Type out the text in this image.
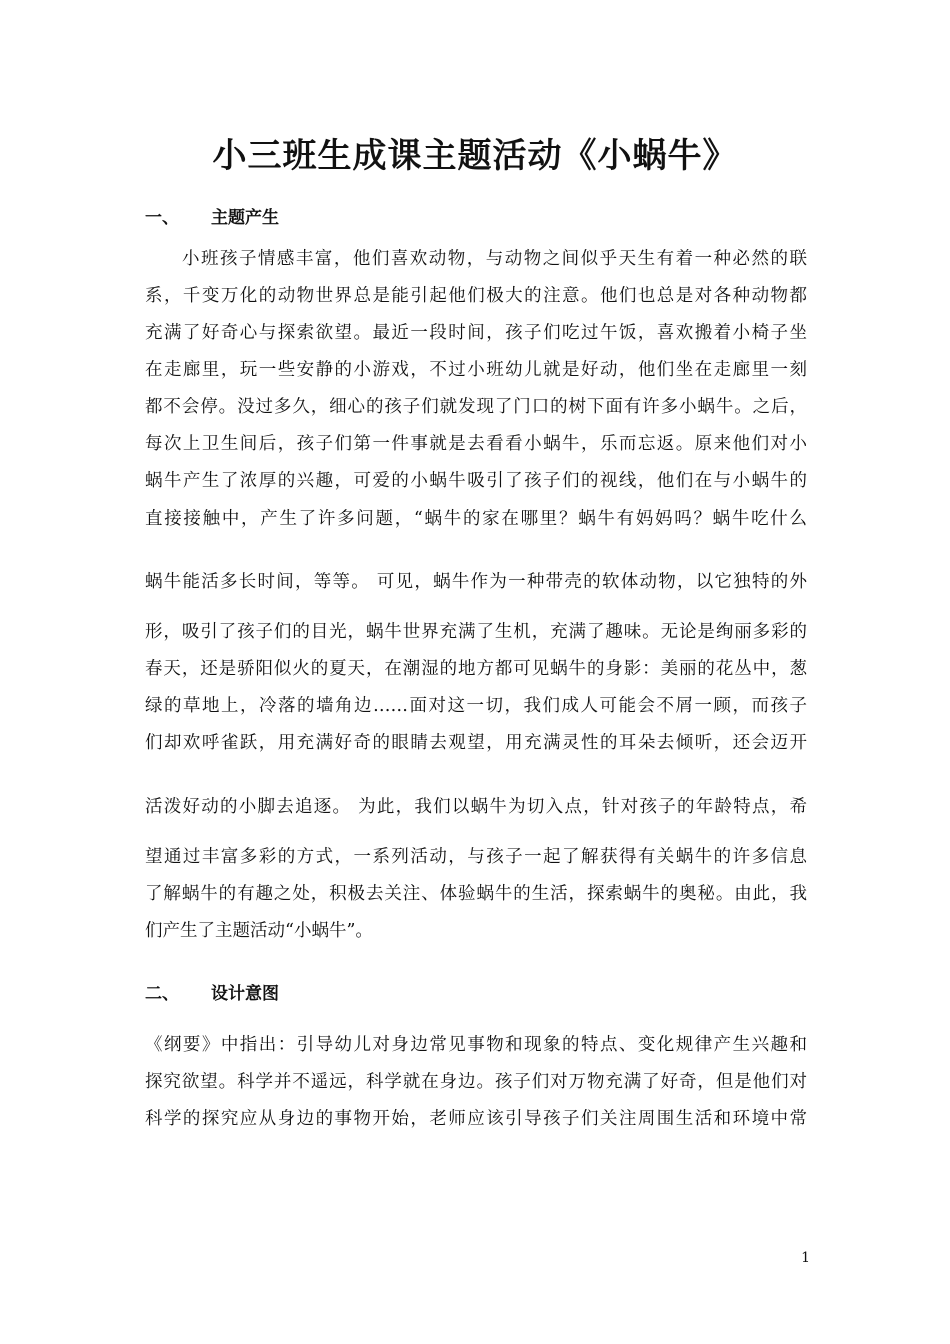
小三班生成课主题活动《小蜗牛》
一、 主题产生
小班孩子情感丰富，他们喜欢动物，与动物之间似乎天生有着一种必然的联
系，千变万化的动物世界总是能引起他们极大的注意。他们也总是对各种动物都
充满了好奇心与探索欲望。最近一段时间，孩子们吃过午饭，喜欢搬着小椅子坐
在走廊里，玩一些安静的小游戏，不过小班幼儿就是好动，他们坐在走廊里一刻
都不会停。没过多久，细心的孩子们就发现了门口的树下面有许多小蜗牛。之后，
每次上卫生间后，孩子们第一件事就是去看看小蜗牛，乐而忘返。原来他们对小
蜗牛产生了浓厚的兴趣，可爱的小蜗牛吸引了孩子们的视线，他们在与小蜗牛的
直接接触中，产生了许多问题，“蜗牛的家在哪里？蜗牛有妈妈吗？蜗牛吃什么
蜗牛能活多长时间，等等。 可见，蜗牛作为一种带壳的软体动物，以它独特的外
形，吸引了孩子们的目光，蜗牛世界充满了生机，充满了趣味。无论是绚丽多彩的
春天，还是骄阳似火的夏天，在潮湿的地方都可见蜗牛的身影：美丽的花丛中，葱
绿的草地上，冷落的墙角边……面对这一切，我们成人可能会不屑一顾，而孩子
们却欢呼雀跃，用充满好奇的眼睛去观望，用充满灵性的耳朵去倾听，还会迈开
活泼好动的小脚去追逐。 为此，我们以蜗牛为切入点，针对孩子的年龄特点，希
望通过丰富多彩的方式，一系列活动，与孩子一起了解获得有关蜗牛的许多信息
了解蜗牛的有趣之处，积极去关注、体验蜗牛的生活，探索蜗牛的奥秘。由此，我
们产生了主题活动“小蜗牛”。
二、 设计意图
《纲要》中指出：引导幼儿对身边常见事物和现象的特点、变化规律产生兴趣和
探究欲望。科学并不遥远，科学就在身边。孩子们对万物充满了好奇，但是他们对
科学的探究应从身边的事物开始，老师应该引导孩子们关注周围生活和环境中常
1
